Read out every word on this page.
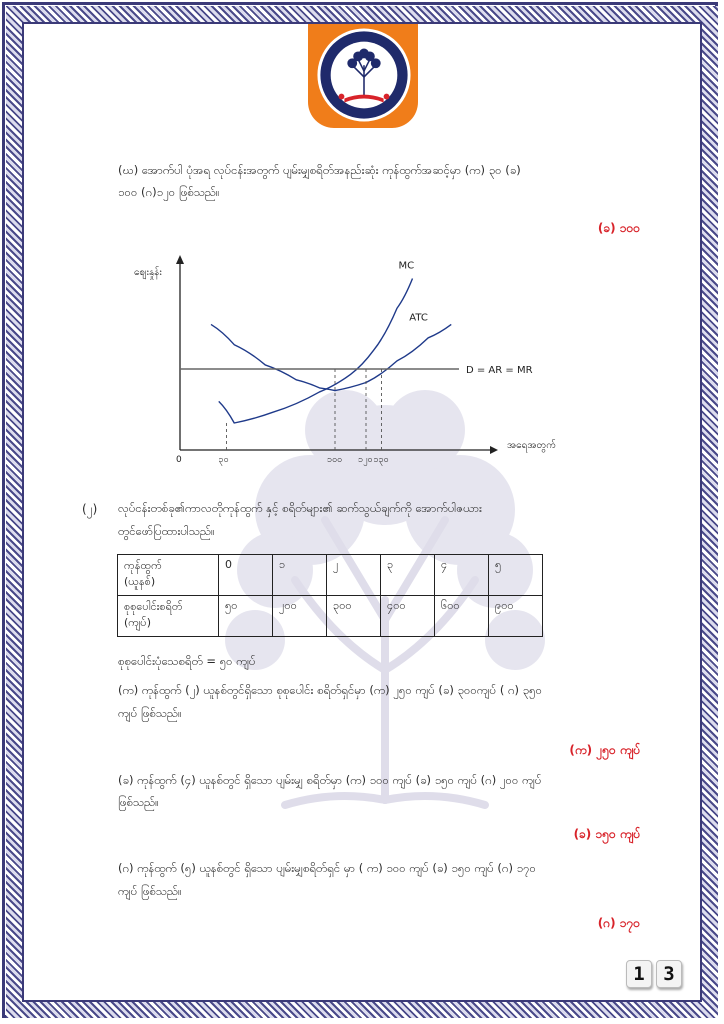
(ဃ) အောက်ပါ ပုံအရ လုပ်ငန်းအတွက် ပျမ်းမျှစရိတ်အနည်းဆုံး ကုန်ထွက်အဆင့်မှာ (က) ၃၀ (ခ)

၁၀၀ (ဂ)၁၂၀ ဖြစ်သည်။

(ခ) ၁၀၀
ဈေးနှုန်း
အရေအတွက်
0
MC
ATC
D = AR = MR
၃၀	၁၀၀ ၁၂၀ ၁၃၀
(၂) လုပ်ငန်းတစ်ခု၏ကာလတိုကုန်ထွက် နှင့် စရိတ်များ၏ ဆက်သွယ်ချက်ကို အောက်ပါဇယား

တွင်ဖော်ပြထားပါသည်။

ကုန်ထွက်
(ယူနစ်)	0	၁	၂	၃	၄	၅
စုစုပေါင်းစရိတ်
(ကျပ်)	၅၀	၂၀၀	၃၀၀	၄၀၀	၆၀၀	၉၀၀

စုစုပေါင်းပုံသေစရိတ် = ၅၀ ကျပ်

(က) ကုန်ထွက် (၂) ယူနစ်တွင်ရှိသော စုစုပေါင်း စရိတ်ရှင်မှာ (က) ၂၅၀ ကျပ် (ခ) ၃၀၀ကျပ် ( ဂ) ၃၅၀

ကျပ် ဖြစ်သည်။

(က) ၂၅၀ ကျပ်

(ခ) ကုန်ထွက် (၄) ယူနစ်တွင် ရှိသော ပျမ်းမျှ စရိတ်မှာ (က) ၁၀၀ ကျပ် (ခ) ၁၅၀ ကျပ် (ဂ) ၂၀၀ ကျပ်

ဖြစ်သည်။

(ခ) ၁၅၀ ကျပ်

(ဂ) ကုန်ထွက် (၅) ယူနစ်တွင် ရှိသော ပျမ်းမျှစရိတ်ရှင် မှာ ( က) ၁၀၀ ကျပ် (ခ) ၁၅၀ ကျပ် (ဂ) ၁၇၀

ကျပ် ဖြစ်သည်။

(ဂ) ၁၇၀
1 3
